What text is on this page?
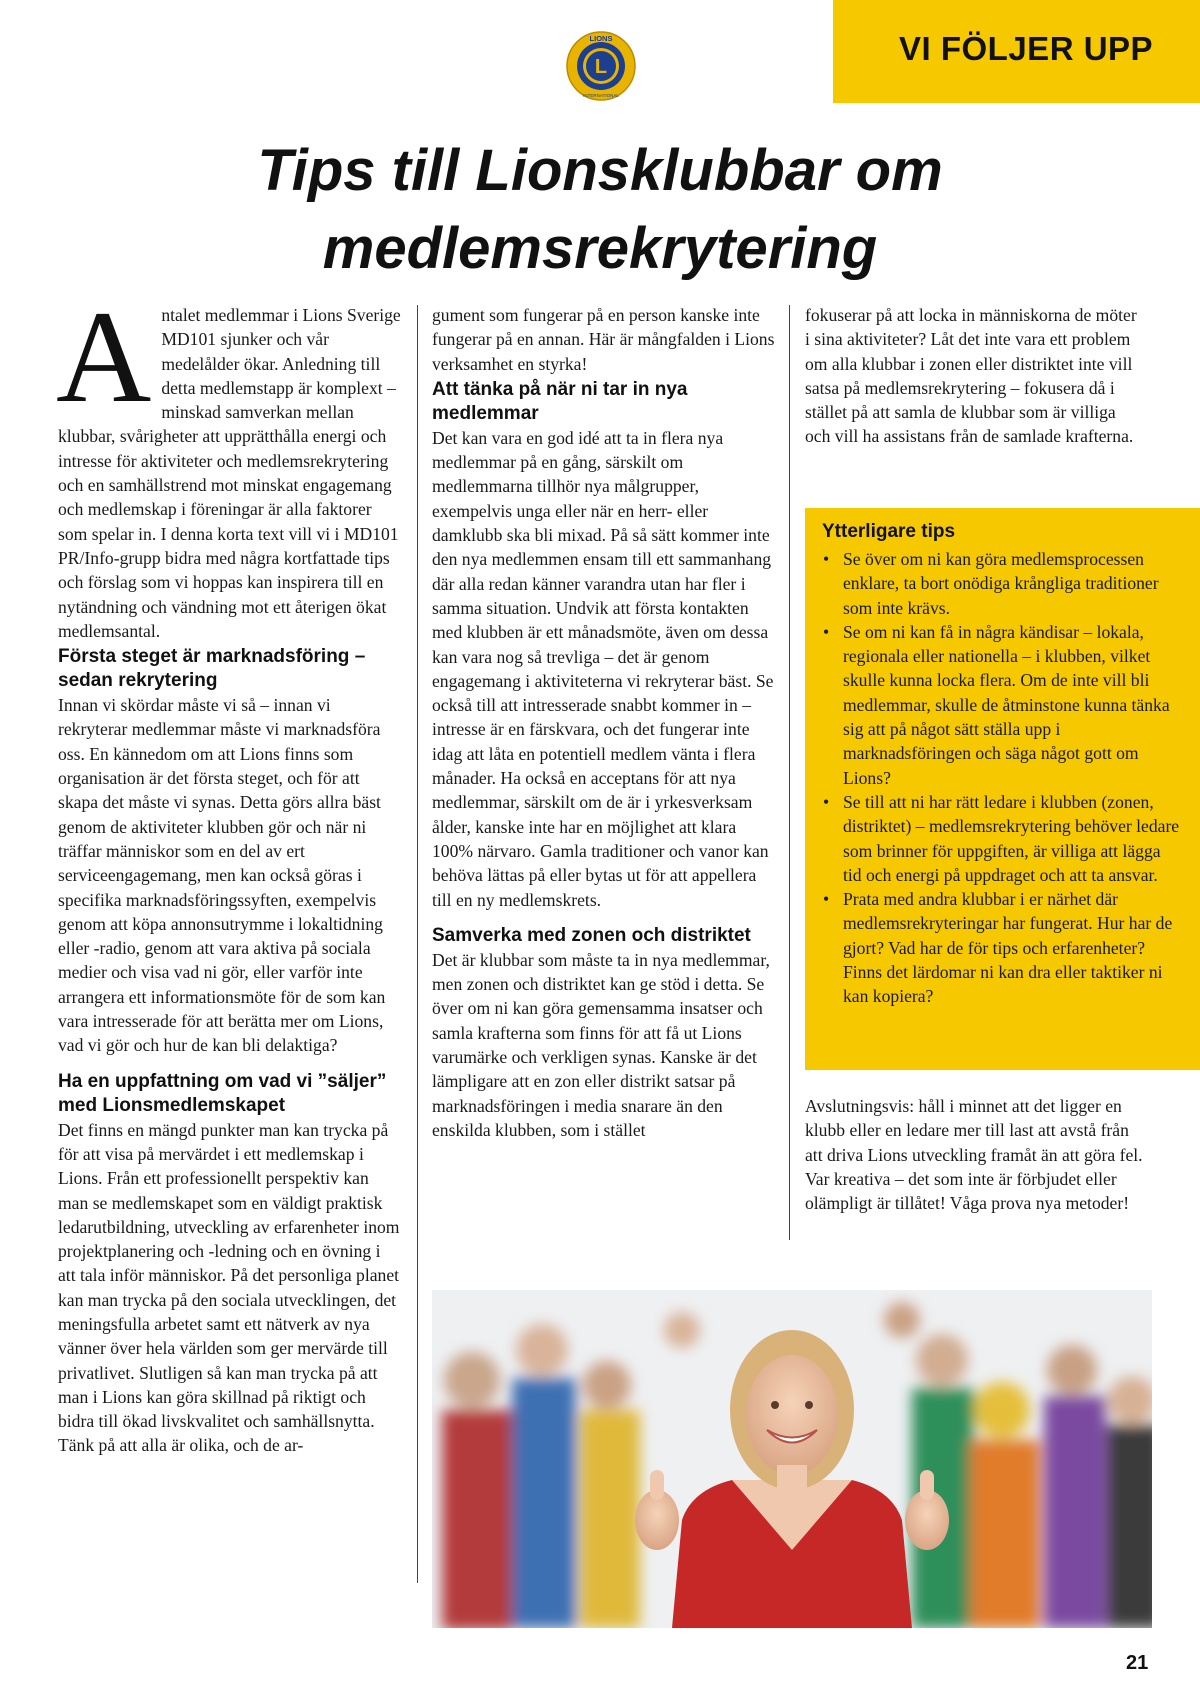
VI FÖLJER UPP
L
LIONS
INTERNATIONAL
Tips till Lionsklubbar om
medlemsrekrytering

Antalet medlemmar i Lions Sverige MD101 sjunker och vår medelålder ökar. Anledning till detta medlemstapp är komplext – minskad samverkan mellan klubbar, svårigheter att upprätthålla energi och intresse för aktiviteter och medlemsrekrytering och en samhällstrend mot minskat engagemang och medlemskap i föreningar är alla faktorer som spelar in. I denna korta text vill vi i MD101 PR/Info-grupp bidra med några kortfattade tips och förslag som vi hoppas kan inspirera till en nytändning och vändning mot ett återigen ökat medlemsantal.

Första steget är marknadsföring – sedan rekrytering

Innan vi skördar måste vi så – innan vi rekryterar medlemmar måste vi marknadsföra oss. En kännedom om att Lions finns som organisation är det första steget, och för att skapa det måste vi synas. Detta görs allra bäst genom de aktiviteter klubben gör och när ni träffar människor som en del av ert serviceengagemang, men kan också göras i specifika marknadsföringssyften, exempelvis genom att köpa annonsutrymme i lokaltidning eller -radio, genom att vara aktiva på sociala medier och visa vad ni gör, eller varför inte arrangera ett informationsmöte för de som kan vara intresserade för att berätta mer om Lions, vad vi gör och hur de kan bli delaktiga?

Ha en uppfattning om vad vi ”säljer” med Lionsmedlemskapet

Det finns en mängd punkter man kan trycka på för att visa på mervärdet i ett medlemskap i Lions. Från ett professionellt perspektiv kan man se medlemskapet som en väldigt praktisk ledarutbildning, utveckling av erfarenheter inom projektplanering och -ledning och en övning i att tala inför människor. På det personliga planet kan man trycka på den sociala utvecklingen, det meningsfulla arbetet samt ett nätverk av nya vänner över hela världen som ger mervärde till privatlivet. Slutligen så kan man trycka på att man i Lions kan göra skillnad på riktigt och bidra till ökad livskvalitet och samhällsnytta. Tänk på att alla är olika, och de ar-

gument som fungerar på en person kanske inte fungerar på en annan. Här är mångfalden i Lions verksamhet en styrka!

Att tänka på när ni tar in nya medlemmar

Det kan vara en god idé att ta in flera nya medlemmar på en gång, särskilt om medlemmarna tillhör nya målgrupper, exempelvis unga eller när en herr- eller damklubb ska bli mixad. På så sätt kommer inte den nya medlemmen ensam till ett sammanhang där alla redan känner varandra utan har fler i samma situation. Undvik att första kontakten med klubben är ett månadsmöte, även om dessa kan vara nog så trevliga – det är genom engagemang i aktiviteterna vi rekryterar bäst. Se också till att intresserade snabbt kommer in – intresse är en färskvara, och det fungerar inte idag att låta en potentiell medlem vänta i flera månader. Ha också en acceptans för att nya medlemmar, särskilt om de är i yrkesverksam ålder, kanske inte har en möjlighet att klara 100% närvaro. Gamla traditioner och vanor kan behöva lättas på eller bytas ut för att appellera till en ny medlemskrets.

Samverka med zonen och distriktet

Det är klubbar som måste ta in nya medlemmar, men zonen och distriktet kan ge stöd i detta. Se över om ni kan göra gemensamma insatser och samla krafterna som finns för att få ut Lions varumärke och verkligen synas. Kanske är det lämpligare att en zon eller distrikt satsar på marknadsföringen i media snarare än den enskilda klubben, som i stället

fokuserar på att locka in människorna de möter i sina aktiviteter? Låt det inte vara ett problem om alla klubbar i zonen eller distriktet inte vill satsa på medlemsrekrytering – fokusera då i stället på att samla de klubbar som är villiga och vill ha assistans från de samlade krafterna.

Ytterligare tips
• Se över om ni kan göra medlemsprocessen enklare, ta bort onödiga krångliga traditioner som inte krävs.
• Se om ni kan få in några kändisar – lokala, regionala eller nationella – i klubben, vilket skulle kunna locka flera. Om de inte vill bli medlemmar, skulle de åtminstone kunna tänka sig att på något sätt ställa upp i marknadsföringen och säga något gott om Lions?
• Se till att ni har rätt ledare i klubben (zonen, distriktet) – medlemsrekrytering behöver ledare som brinner för uppgiften, är villiga att lägga tid och energi på uppdraget och att ta ansvar.
• Prata med andra klubbar i er närhet där medlemsrekryteringar har fungerat. Hur har de gjort? Vad har de för tips och erfarenheter? Finns det lärdomar ni kan dra eller taktiker ni kan kopiera?

Avslutningsvis: håll i minnet att det ligger en klubb eller en ledare mer till last att avstå från att driva Lions utveckling framåt än att göra fel. Var kreativa – det som inte är förbjudet eller olämpligt är tillåtet! Våga prova nya metoder!

21
